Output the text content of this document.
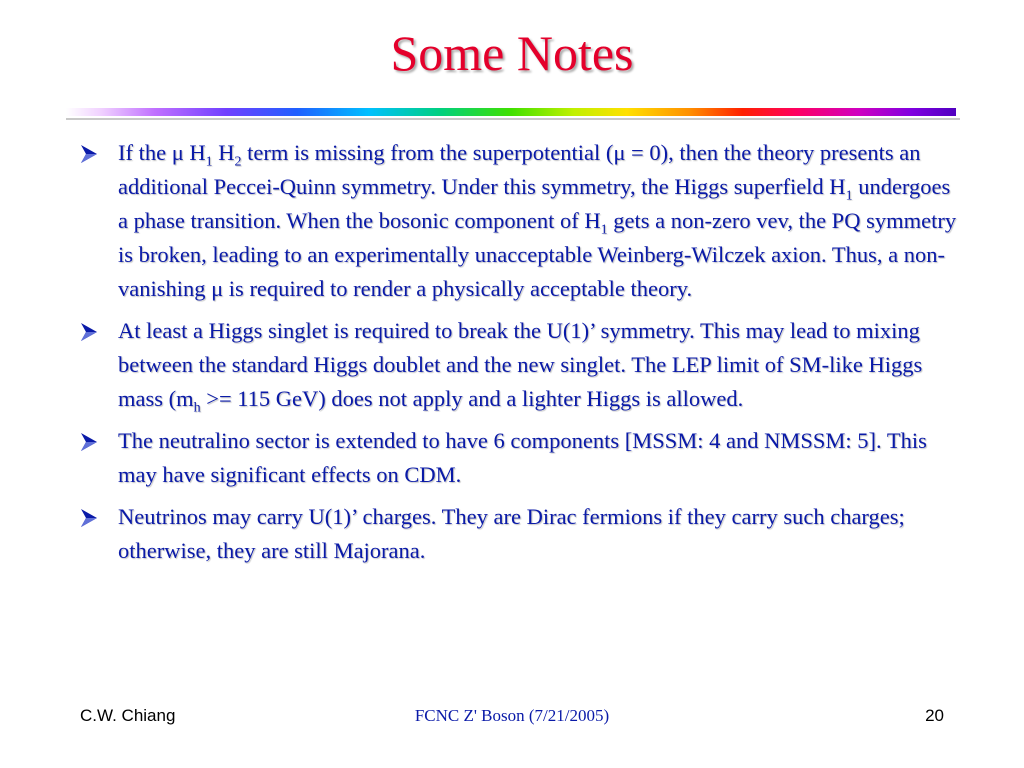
Some Notes
If the μ $H_1$ $H_2$ term is missing from the superpotential (μ = 0), then the theory presents an additional Peccei-Quinn symmetry. Under this symmetry, the Higgs superfield $H_1$ undergoes a phase transition. When the bosonic component of $H_1$ gets a non-zero vev, the PQ symmetry is broken, leading to an experimentally unacceptable Weinberg-Wilczek axion. Thus, a non-vanishing μ is required to render a physically acceptable theory.
At least a Higgs singlet is required to break the U(1)’ symmetry. This may lead to mixing between the standard Higgs doublet and the new singlet. The LEP limit of SM-like Higgs mass ($m_h >= 115$ GeV) does not apply and a lighter Higgs is allowed.
The neutralino sector is extended to have 6 components [MSSM: 4 and NMSSM: 5]. This may have significant effects on CDM.
Neutrinos may carry U(1)’ charges. They are Dirac fermions if they carry such charges; otherwise, they are still Majorana.
C.W. Chiang	FCNC Z' Boson (7/21/2005)	20
